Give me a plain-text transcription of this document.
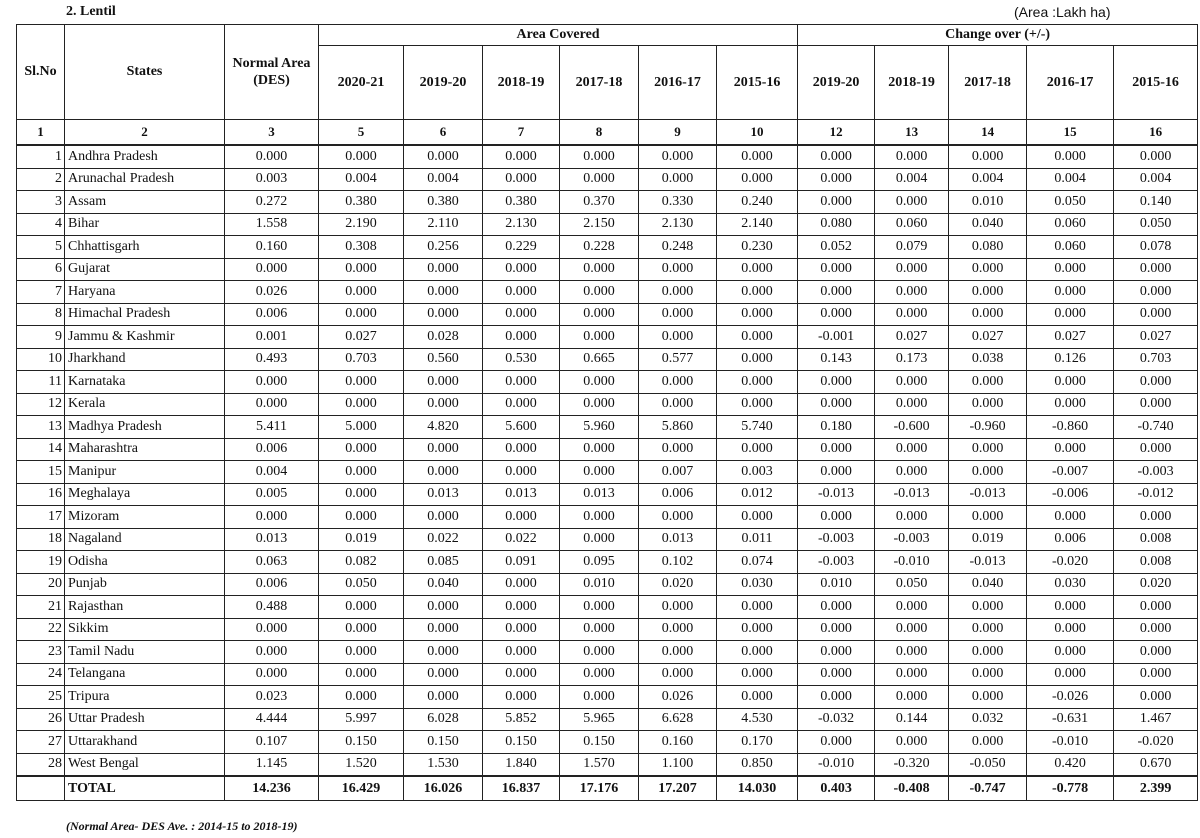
2. Lentil	(Area :Lakh ha)
Sl.No	States	Normal Area (DES)	Area Covered						Change over (+/-)				
			2020-21	2019-20	2018-19	2017-18	2016-17	2015-16	2019-20	2018-19	2017-18	2016-17	2015-16
1	2	3	5	6	7	8	9	10	12	13	14	15	16
1	Andhra Pradesh	0.000	0.000	0.000	0.000	0.000	0.000	0.000	0.000	0.000	0.000	0.000	0.000
2	Arunachal Pradesh	0.003	0.004	0.004	0.000	0.000	0.000	0.000	0.000	0.004	0.004	0.004	0.004
3	Assam	0.272	0.380	0.380	0.380	0.370	0.330	0.240	0.000	0.000	0.010	0.050	0.140
4	Bihar	1.558	2.190	2.110	2.130	2.150	2.130	2.140	0.080	0.060	0.040	0.060	0.050
5	Chhattisgarh	0.160	0.308	0.256	0.229	0.228	0.248	0.230	0.052	0.079	0.080	0.060	0.078
6	Gujarat	0.000	0.000	0.000	0.000	0.000	0.000	0.000	0.000	0.000	0.000	0.000	0.000
7	Haryana	0.026	0.000	0.000	0.000	0.000	0.000	0.000	0.000	0.000	0.000	0.000	0.000
8	Himachal Pradesh	0.006	0.000	0.000	0.000	0.000	0.000	0.000	0.000	0.000	0.000	0.000	0.000
9	Jammu & Kashmir	0.001	0.027	0.028	0.000	0.000	0.000	0.000	-0.001	0.027	0.027	0.027	0.027
10	Jharkhand	0.493	0.703	0.560	0.530	0.665	0.577	0.000	0.143	0.173	0.038	0.126	0.703
11	Karnataka	0.000	0.000	0.000	0.000	0.000	0.000	0.000	0.000	0.000	0.000	0.000	0.000
12	Kerala	0.000	0.000	0.000	0.000	0.000	0.000	0.000	0.000	0.000	0.000	0.000	0.000
13	Madhya Pradesh	5.411	5.000	4.820	5.600	5.960	5.860	5.740	0.180	-0.600	-0.960	-0.860	-0.740
14	Maharashtra	0.006	0.000	0.000	0.000	0.000	0.000	0.000	0.000	0.000	0.000	0.000	0.000
15	Manipur	0.004	0.000	0.000	0.000	0.000	0.007	0.003	0.000	0.000	0.000	-0.007	-0.003
16	Meghalaya	0.005	0.000	0.013	0.013	0.013	0.006	0.012	-0.013	-0.013	-0.013	-0.006	-0.012
17	Mizoram	0.000	0.000	0.000	0.000	0.000	0.000	0.000	0.000	0.000	0.000	0.000	0.000
18	Nagaland	0.013	0.019	0.022	0.022	0.000	0.013	0.011	-0.003	-0.003	0.019	0.006	0.008
19	Odisha	0.063	0.082	0.085	0.091	0.095	0.102	0.074	-0.003	-0.010	-0.013	-0.020	0.008
20	Punjab	0.006	0.050	0.040	0.000	0.010	0.020	0.030	0.010	0.050	0.040	0.030	0.020
21	Rajasthan	0.488	0.000	0.000	0.000	0.000	0.000	0.000	0.000	0.000	0.000	0.000	0.000
22	Sikkim	0.000	0.000	0.000	0.000	0.000	0.000	0.000	0.000	0.000	0.000	0.000	0.000
23	Tamil Nadu	0.000	0.000	0.000	0.000	0.000	0.000	0.000	0.000	0.000	0.000	0.000	0.000
24	Telangana	0.000	0.000	0.000	0.000	0.000	0.000	0.000	0.000	0.000	0.000	0.000	0.000
25	Tripura	0.023	0.000	0.000	0.000	0.000	0.026	0.000	0.000	0.000	0.000	-0.026	0.000
26	Uttar Pradesh	4.444	5.997	6.028	5.852	5.965	6.628	4.530	-0.032	0.144	0.032	-0.631	1.467
27	Uttarakhand	0.107	0.150	0.150	0.150	0.150	0.160	0.170	0.000	0.000	0.000	-0.010	-0.020
28	West Bengal	1.145	1.520	1.530	1.840	1.570	1.100	0.850	-0.010	-0.320	-0.050	0.420	0.670
	TOTAL	14.236	16.429	16.026	16.837	17.176	17.207	14.030	0.403	-0.408	-0.747	-0.778	2.399
(Normal Area- DES Ave. : 2014-15 to 2018-19)
